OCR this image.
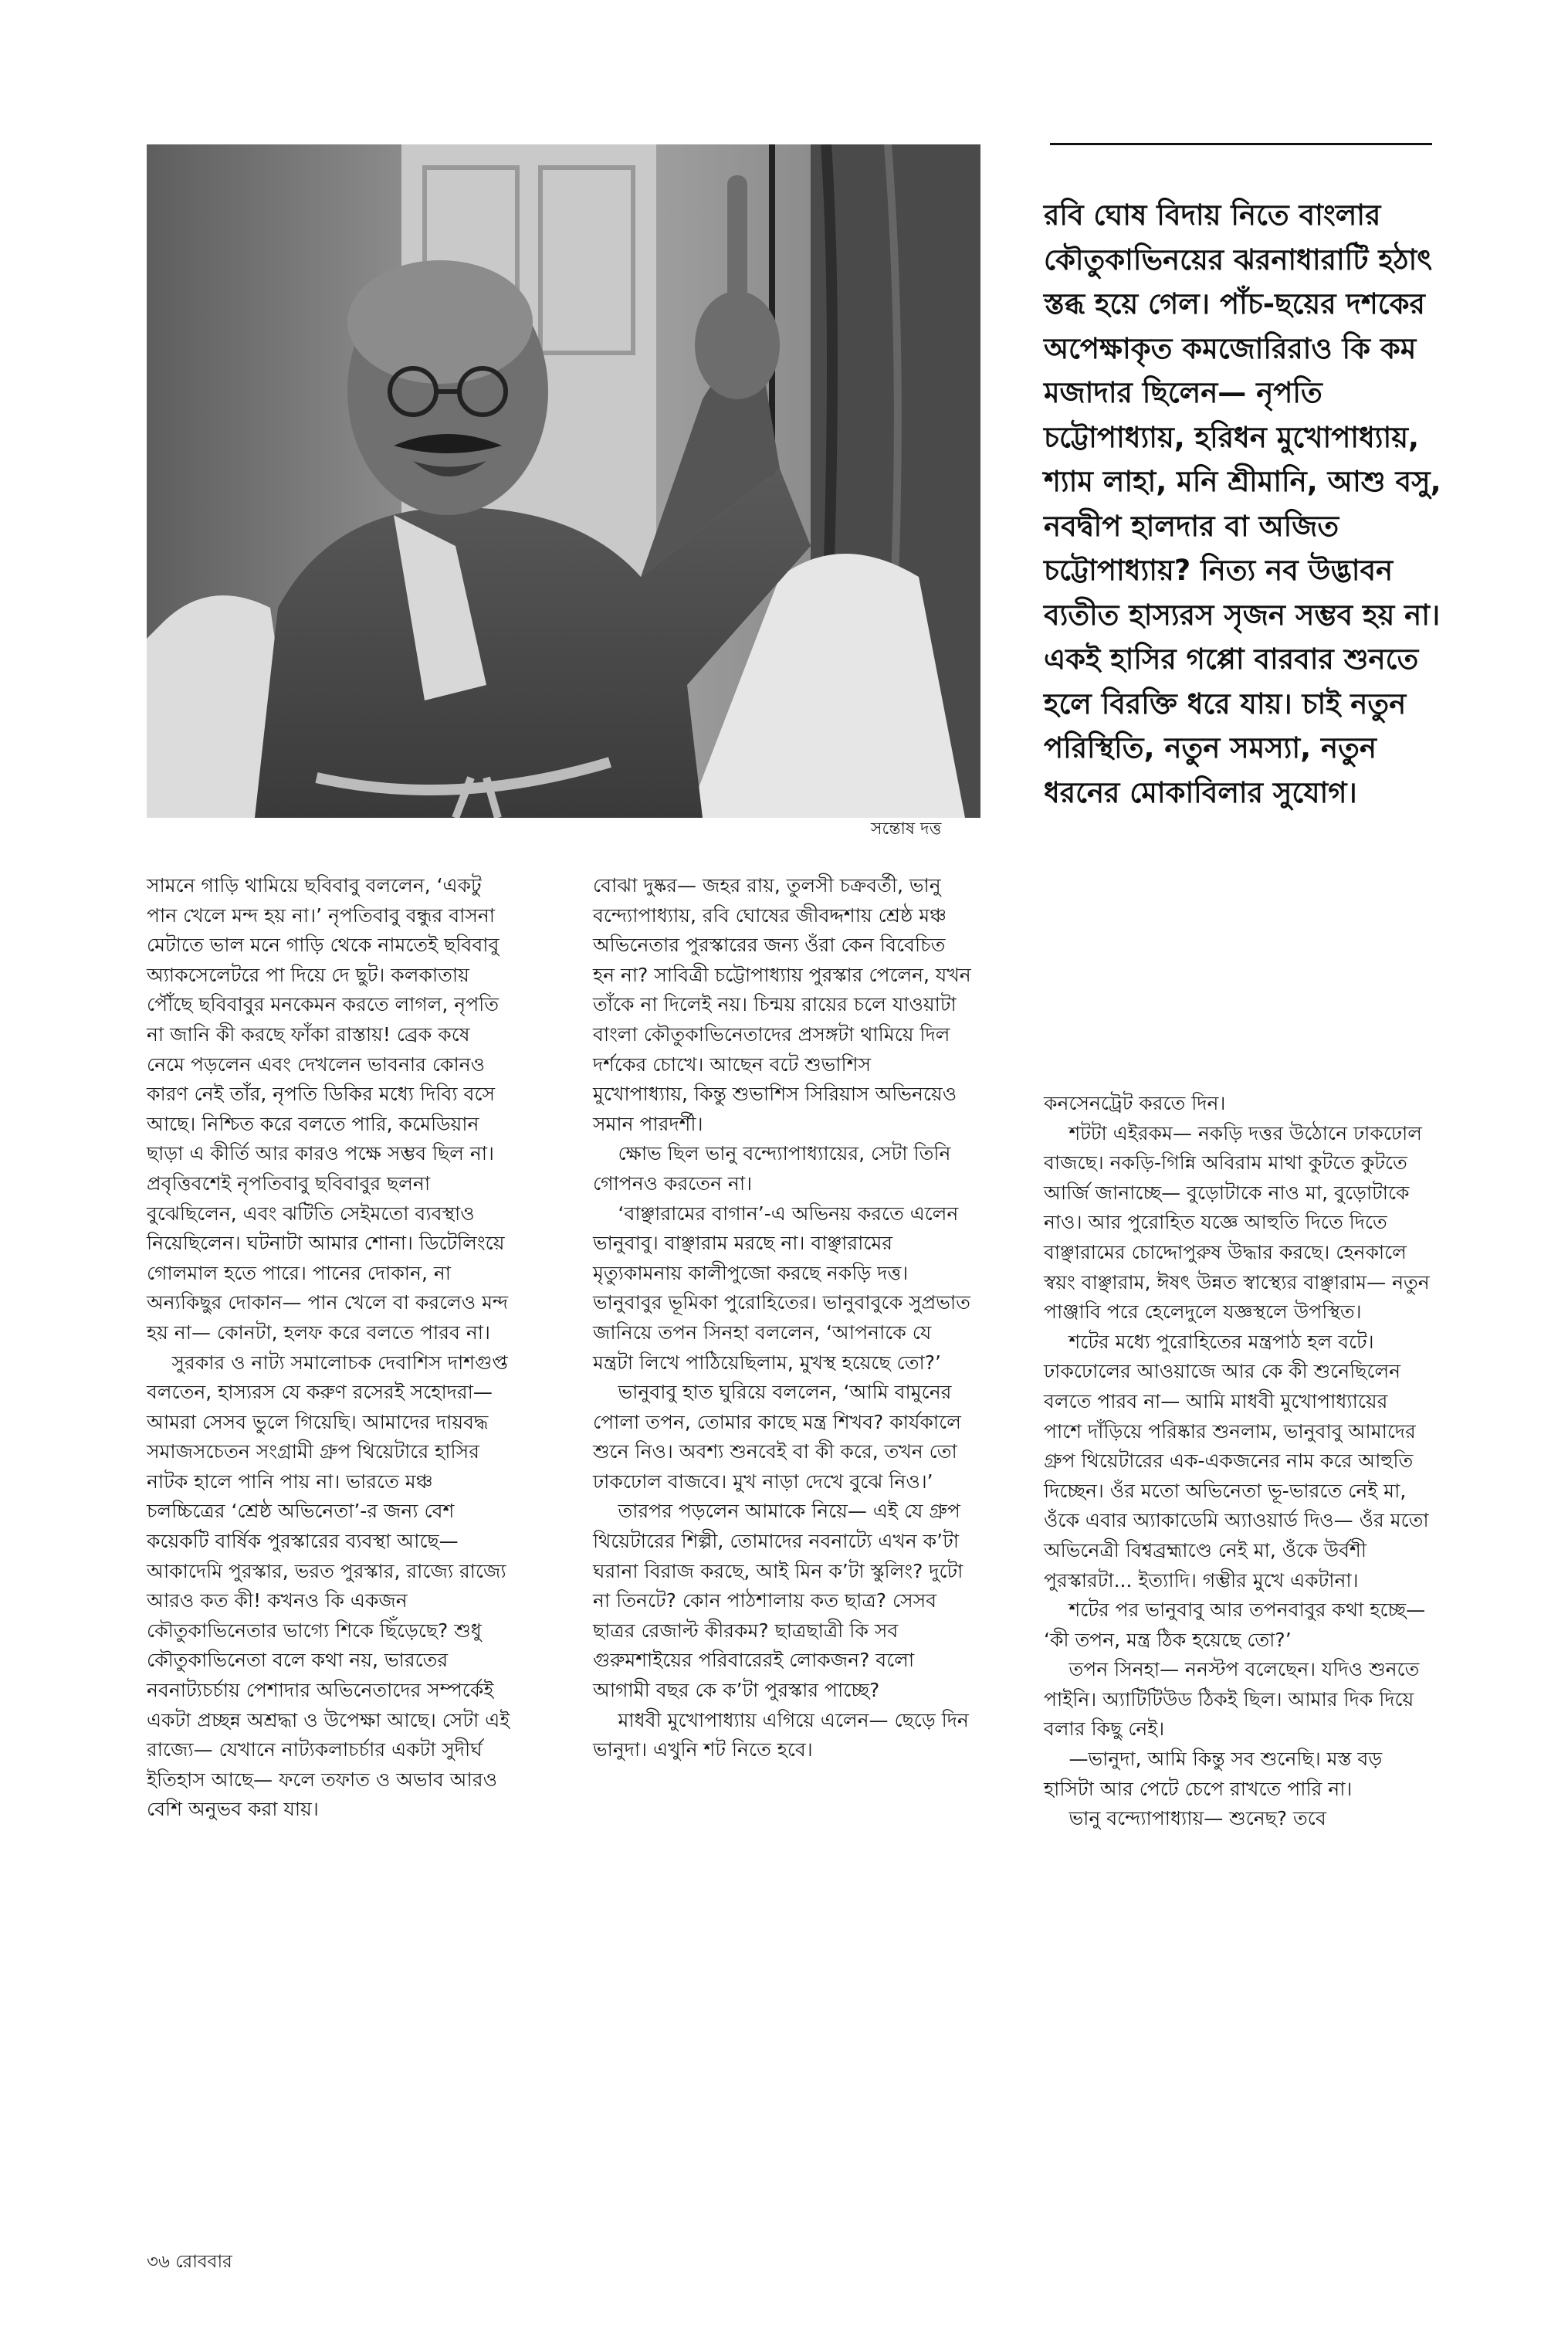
সন্তোষ দত্ত
রবি ঘোষ বিদায় নিতে বাংলার কৌতুকাভিনয়ের ঝরনাধারাটি হঠাৎ স্তব্ধ হয়ে গেল। পাঁচ-ছয়ের দশকের অপেক্ষাকৃত কমজোরিরাও কি কম মজাদার ছিলেন— নৃপতি চট্টোপাধ্যায়, হরিধন মুখোপাধ্যায়, শ্যাম লাহা, মনি শ্রীমানি, আশু বসু, নবদ্বীপ হালদার বা অজিত চট্টোপাধ্যায়? নিত্য নব উদ্ভাবন ব্যতীত হাস্যরস সৃজন সম্ভব হয় না। একই হাসির গপ্পো বারবার শুনতে হলে বিরক্তি ধরে যায়। চাই নতুন পরিস্থিতি, নতুন সমস্যা, নতুন ধরনের মোকাবিলার সুযোগ।

সামনে গাড়ি থামিয়ে ছবিবাবু বললেন, ‘একটু পান খেলে মন্দ হয় না।’ নৃপতিবাবু বন্ধুর বাসনা মেটাতে ভাল মনে গাড়ি থেকে নামতেই ছবিবাবু অ্যাকসেলেটরে পা দিয়ে দে ছুট। কলকাতায় পৌঁছে ছবিবাবুর মনকেমন করতে লাগল, নৃপতি না জানি কী করছে ফাঁকা রাস্তায়! ব্রেক কষে নেমে পড়লেন এবং দেখলেন ভাবনার কোনও কারণ নেই তাঁর, নৃপতি ডিকির মধ্যে দিব্যি বসে আছে। নিশ্চিত করে বলতে পারি, কমেডিয়ান ছাড়া এ কীর্তি আর কারও পক্ষে সম্ভব ছিল না। প্রবৃত্তিবশেই নৃপতিবাবু ছবিবাবুর ছলনা বুঝেছিলেন, এবং ঝটিতি সেইমতো ব্যবস্থাও নিয়েছিলেন। ঘটনাটা আমার শোনা। ডিটেলিংয়ে গোলমাল হতে পারে। পানের দোকান, না অন্যকিছুর দোকান— পান খেলে বা করলেও মন্দ হয় না— কোনটা, হলফ করে বলতে পারব না।

সুরকার ও নাট্য সমালোচক দেবাশিস দাশগুপ্ত বলতেন, হাস্যরস যে করুণ রসেরই সহোদরা— আমরা সেসব ভুলে গিয়েছি। আমাদের দায়বদ্ধ সমাজসচেতন সংগ্রামী গ্রুপ থিয়েটারে হাসির নাটক হালে পানি পায় না। ভারতে মঞ্চ চলচ্চিত্রের ‘শ্রেষ্ঠ অভিনেতা’-র জন্য বেশ কয়েকটি বার্ষিক পুরস্কারের ব্যবস্থা আছে— আকাদেমি পুরস্কার, ভরত পুরস্কার, রাজ্যে রাজ্যে আরও কত কী! কখনও কি একজন কৌতুকাভিনেতার ভাগ্যে শিকে ছিঁড়েছে? শুধু কৌতুকাভিনেতা বলে কথা নয়, ভারতের নবনাট্যচর্চায় পেশাদার অভিনেতাদের সম্পর্কেই একটা প্রচ্ছন্ন অশ্রদ্ধা ও উপেক্ষা আছে। সেটা এই রাজ্যে— যেখানে নাট্যকলাচর্চার একটা সুদীর্ঘ ইতিহাস আছে— ফলে তফাত ও অভাব আরও বেশি অনুভব করা যায়।

বোঝা দুষ্কর— জহর রায়, তুলসী চক্রবর্তী, ভানু বন্দ্যোপাধ্যায়, রবি ঘোষের জীবদ্দশায় শ্রেষ্ঠ মঞ্চ অভিনেতার পুরস্কারের জন্য ওঁরা কেন বিবেচিত হন না? সাবিত্রী চট্টোপাধ্যায় পুরস্কার পেলেন, যখন তাঁকে না দিলেই নয়। চিন্ময় রায়ের চলে যাওয়াটা বাংলা কৌতুকাভিনেতাদের প্রসঙ্গটা থামিয়ে দিল দর্শকের চোখে। আছেন বটে শুভাশিস মুখোপাধ্যায়, কিন্তু শুভাশিস সিরিয়াস অভিনয়েও সমান পারদর্শী।

ক্ষোভ ছিল ভানু বন্দ্যোপাধ্যায়ের, সেটা তিনি গোপনও করতেন না।

‘বাঞ্ছারামের বাগান’-এ অভিনয় করতে এলেন ভানুবাবু। বাঞ্ছারাম মরছে না। বাঞ্ছারামের মৃত্যুকামনায় কালীপুজো করছে নকড়ি দত্ত। ভানুবাবুর ভূমিকা পুরোহিতের। ভানুবাবুকে সুপ্রভাত জানিয়ে তপন সিনহা বললেন, ‘আপনাকে যে মন্ত্রটা লিখে পাঠিয়েছিলাম, মুখস্থ হয়েছে তো?’

ভানুবাবু হাত ঘুরিয়ে বললেন, ‘আমি বামুনের পোলা তপন, তোমার কাছে মন্ত্র শিখব? কার্যকালে শুনে নিও। অবশ্য শুনবেই বা কী করে, তখন তো ঢাকঢোল বাজবে। মুখ নাড়া দেখে বুঝে নিও।’

তারপর পড়লেন আমাকে নিয়ে— এই যে গ্রুপ থিয়েটারের শিল্পী, তোমাদের নবনাট্যে এখন ক’টা ঘরানা বিরাজ করছে, আই মিন ক’টা স্কুলিং? দুটো না তিনটে? কোন পাঠশালায় কত ছাত্র? সেসব ছাত্রর রেজাল্ট কীরকম? ছাত্রছাত্রী কি সব গুরুমশাইয়ের পরিবারেরই লোকজন? বলো আগামী বছর কে ক’টা পুরস্কার পাচ্ছে?

মাধবী মুখোপাধ্যায় এগিয়ে এলেন— ছেড়ে দিন ভানুদা। এখুনি শট নিতে হবে।

কনসেনট্রেট করতে দিন।

শটটা এইরকম— নকড়ি দত্তর উঠোনে ঢাকঢোল বাজছে। নকড়ি-গিন্নি অবিরাম মাথা কুটতে কুটতে আর্জি জানাচ্ছে— বুড়োটাকে নাও মা, বুড়োটাকে নাও। আর পুরোহিত যজ্ঞে আহুতি দিতে দিতে বাঞ্ছারামের চোদ্দোপুরুষ উদ্ধার করছে। হেনকালে স্বয়ং বাঞ্ছারাম, ঈষৎ উন্নত স্বাস্থ্যের বাঞ্ছারাম— নতুন পাঞ্জাবি পরে হেলেদুলে যজ্ঞস্থলে উপস্থিত।

শটের মধ্যে পুরোহিতের মন্ত্রপাঠ হল বটে। ঢাকঢোলের আওয়াজে আর কে কী শুনেছিলেন বলতে পারব না— আমি মাধবী মুখোপাধ্যায়ের পাশে দাঁড়িয়ে পরিষ্কার শুনলাম, ভানুবাবু আমাদের গ্রুপ থিয়েটারের এক-একজনের নাম করে আহুতি দিচ্ছেন। ওঁর মতো অভিনেতা ভূ-ভারতে নেই মা, ওঁকে এবার অ্যাকাডেমি অ্যাওয়ার্ড দিও— ওঁর মতো অভিনেত্রী বিশ্বব্রহ্মাণ্ডে নেই মা, ওঁকে উর্বশী পুরস্কারটা... ইত্যাদি। গম্ভীর মুখে একটানা।

শটের পর ভানুবাবু আর তপনবাবুর কথা হচ্ছে— ‘কী তপন, মন্ত্র ঠিক হয়েছে তো?’

তপন সিনহা— ননস্টপ বলেছেন। যদিও শুনতে পাইনি। অ্যাটিটিউড ঠিকই ছিল। আমার দিক দিয়ে বলার কিছু নেই।

—ভানুদা, আমি কিন্তু সব শুনেছি। মস্ত বড় হাসিটা আর পেটে চেপে রাখতে পারি না।

ভানু বন্দ্যোপাধ্যায়— শুনেছ? তবে

৩৬ রোববার
